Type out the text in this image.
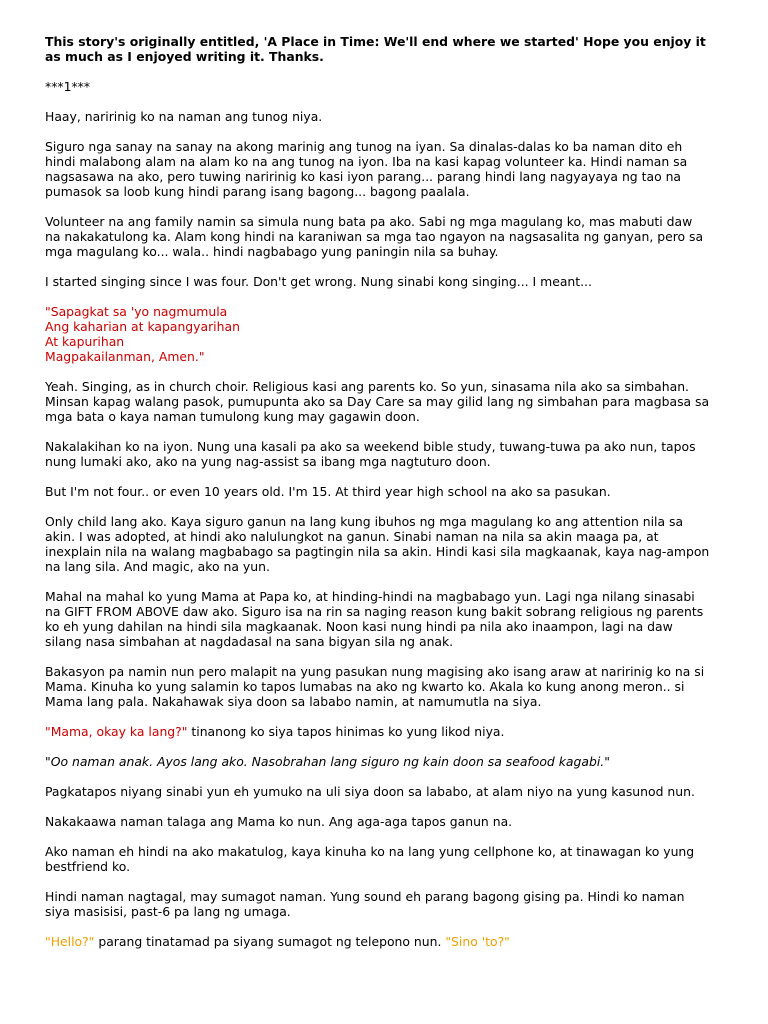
This story's originally entitled, 'A Place in Time: We'll end where we started' Hope you enjoy it
as much as I enjoyed writing it. Thanks.

***1***

Haay, naririnig ko na naman ang tunog niya.

Siguro nga sanay na sanay na akong marinig ang tunog na iyan. Sa dinalas-dalas ko ba naman dito eh
hindi malabong alam na alam ko na ang tunog na iyon. Iba na kasi kapag volunteer ka. Hindi naman sa
nagsasawa na ako, pero tuwing naririnig ko kasi iyon parang... parang hindi lang nagyayaya ng tao na
pumasok sa loob kung hindi parang isang bagong... bagong paalala.

Volunteer na ang family namin sa simula nung bata pa ako. Sabi ng mga magulang ko, mas mabuti daw
na nakakatulong ka. Alam kong hindi na karaniwan sa mga tao ngayon na nagsasalita ng ganyan, pero sa
mga magulang ko... wala.. hindi nagbabago yung paningin nila sa buhay.

I started singing since I was four. Don't get wrong. Nung sinabi kong singing... I meant...

"Sapagkat sa 'yo nagmumula
Ang kaharian at kapangyarihan
At kapurihan
Magpakailanman, Amen."

Yeah. Singing, as in church choir. Religious kasi ang parents ko. So yun, sinasama nila ako sa simbahan.
Minsan kapag walang pasok, pumupunta ako sa Day Care sa may gilid lang ng simbahan para magbasa sa
mga bata o kaya naman tumulong kung may gagawin doon.

Nakalakihan ko na iyon. Nung una kasali pa ako sa weekend bible study, tuwang-tuwa pa ako nun, tapos
nung lumaki ako, ako na yung nag-assist sa ibang mga nagtuturo doon.

But I'm not four.. or even 10 years old. I'm 15. At third year high school na ako sa pasukan.

Only child lang ako. Kaya siguro ganun na lang kung ibuhos ng mga magulang ko ang attention nila sa
akin. I was adopted, at hindi ako nalulungkot na ganun. Sinabi naman na nila sa akin maaga pa, at
inexplain nila na walang magbabago sa pagtingin nila sa akin. Hindi kasi sila magkaanak, kaya nag-ampon
na lang sila. And magic, ako na yun.

Mahal na mahal ko yung Mama at Papa ko, at hinding-hindi na magbabago yun. Lagi nga nilang sinasabi
na GIFT FROM ABOVE daw ako. Siguro isa na rin sa naging reason kung bakit sobrang religious ng parents
ko eh yung dahilan na hindi sila magkaanak. Noon kasi nung hindi pa nila ako inaampon, lagi na daw
silang nasa simbahan at nagdadasal na sana bigyan sila ng anak.

Bakasyon pa namin nun pero malapit na yung pasukan nung magising ako isang araw at naririnig ko na si
Mama. Kinuha ko yung salamin ko tapos lumabas na ako ng kwarto ko. Akala ko kung anong meron.. si
Mama lang pala. Nakahawak siya doon sa lababo namin, at namumutla na siya.

"Mama, okay ka lang?" tinanong ko siya tapos hinimas ko yung likod niya.

"Oo naman anak. Ayos lang ako. Nasobrahan lang siguro ng kain doon sa seafood kagabi."

Pagkatapos niyang sinabi yun eh yumuko na uli siya doon sa lababo, at alam niyo na yung kasunod nun.

Nakakaawa naman talaga ang Mama ko nun. Ang aga-aga tapos ganun na.

Ako naman eh hindi na ako makatulog, kaya kinuha ko na lang yung cellphone ko, at tinawagan ko yung
bestfriend ko.

Hindi naman nagtagal, may sumagot naman. Yung sound eh parang bagong gising pa. Hindi ko naman
siya masisisi, past-6 pa lang ng umaga.

"Hello?" parang tinatamad pa siyang sumagot ng telepono nun. "Sino 'to?"
